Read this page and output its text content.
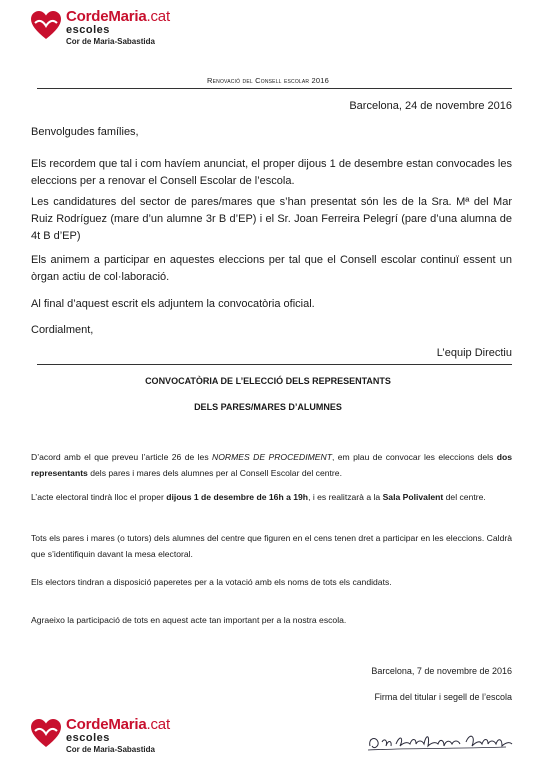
CordeMaria.cat
escoles
Cor de Maria-Sabastida
Renovació del Consell escolar 2016
Barcelona, 24 de novembre 2016
Benvolgudes famílies,
Els recordem que tal i com havíem anunciat, el proper dijous 1 de desembre estan convocades les eleccions per a renovar el Consell Escolar de l’escola.
Les candidatures del sector de pares/mares que s’han presentat són les de la Sra. Mª del Mar Ruiz Rodríguez (mare d’un alumne 3r B d’EP) i el Sr. Joan Ferreira Pelegrí (pare d’una alumna de 4t B d’EP)
Els animem a participar en aquestes eleccions per tal que el Consell escolar continuï essent un òrgan actiu de col·laboració.
Al final d’aquest escrit els adjuntem la convocatòria oficial.
Cordialment,
L’equip Directiu
CONVOCATÒRIA DE L’ELECCIÓ DELS REPRESENTANTS
DELS PARES/MARES D’ALUMNES
D’acord amb el que preveu l’article 26 de les NORMES DE PROCEDIMENT, em plau de convocar les eleccions dels dos representants dels pares i mares dels alumnes per al Consell Escolar del centre.
L’acte electoral tindrà lloc el proper dijous 1 de desembre de 16h a 19h, i es realitzarà a la Sala Polivalent del centre.
Tots els pares i mares (o tutors) dels alumnes del centre que figuren en el cens tenen dret a participar en les eleccions. Caldrà que s’identifiquin davant la mesa electoral.
Els electors tindran a disposició paperetes per a la votació amb els noms de tots els candidats.
Agraeixo la participació de tots en aquest acte tan important per a la nostra escola.
Barcelona, 7 de novembre de 2016
Firma del titular i segell de l’escola
CordeMaria.cat
escoles
Cor de Maria-Sabastida
